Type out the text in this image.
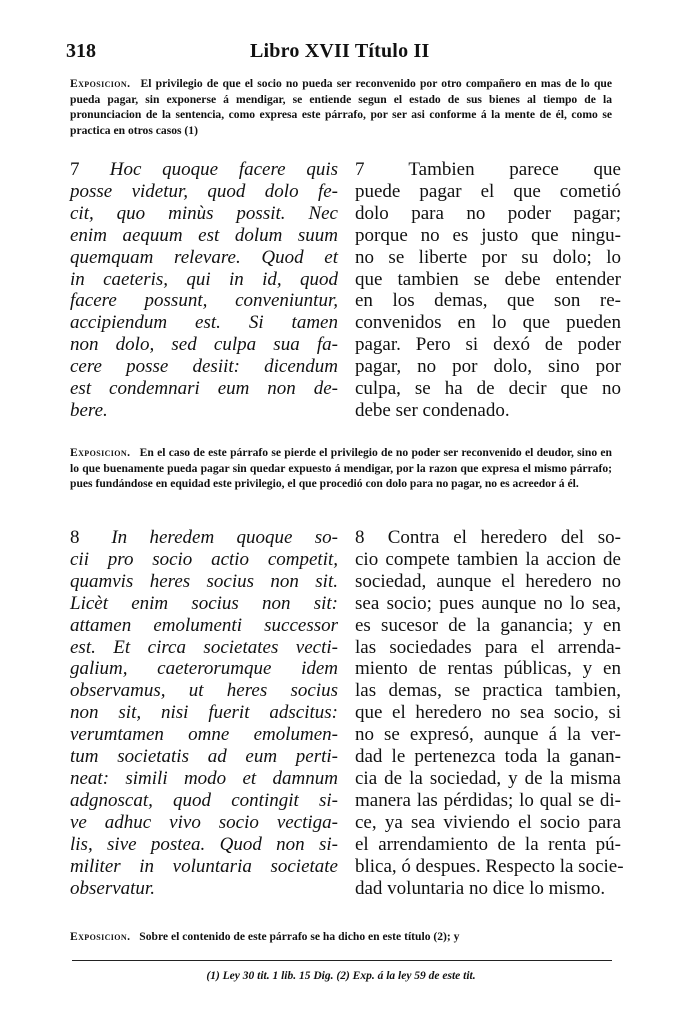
318	Libro XVII Título II

Exposicion. El privilegio de que el socio no pueda ser reconvenido por otro compañero en mas de lo que pueda pagar, sin exponerse á mendigar, se entiende segun el estado de sus bienes al tiempo de la pronunciacion de la sentencia, como expresa este párrafo, por ser asi conforme á la mente de él, como se practica en otros casos (1)

7  Hoc quoque facere quis
posse videtur, quod dolo fe-
cit, quo minùs possit. Nec
enim aequum est dolum suum
quemquam relevare. Quod et
in caeteris, qui in id, quod
facere possunt, conveniuntur,
accipiendum est. Si tamen
non dolo, sed culpa sua fa-
cere posse desiit: dicendum
est condemnari eum non de-
bere.
7  Tambien parece que
puede pagar el que cometió
dolo para no poder pagar;
porque no es justo que ningu-
no se liberte por su dolo; lo
que tambien se debe entender
en los demas, que son re-
convenidos en lo que pueden
pagar. Pero si dexó de poder
pagar, no por dolo, sino por
culpa, se ha de decir que no
debe ser condenado.

Exposicion. En el caso de este párrafo se pierde el privilegio de no poder ser reconvenido el deudor, sino en lo que buenamente pueda pagar sin quedar expuesto á mendigar, por la razon que expresa el mismo párrafo; pues fundándose en equidad este privilegio, el que procedió con dolo para no pagar, no es acreedor á él.

8  In heredem quoque so-
cii pro socio actio competit,
quamvis heres socius non sit.
Licèt enim socius non sit:
attamen emolumenti successor
est. Et circa societates vecti-
galium, caeterorumque idem
observamus, ut heres socius
non sit, nisi fuerit adscitus:
verumtamen omne emolumen-
tum societatis ad eum perti-
neat: simili modo et damnum
adgnoscat, quod contingit si-
ve adhuc vivo socio vectiga-
lis, sive postea. Quod non si-
militer in voluntaria societate
observatur.
8  Contra el heredero del so-
cio compete tambien la accion de
sociedad, aunque el heredero no
sea socio; pues aunque no lo sea,
es sucesor de la ganancia; y en
las sociedades para el arrenda-
miento de rentas públicas, y en
las demas, se practica tambien,
que el heredero no sea socio, si
no se expresó, aunque á la ver-
dad le pertenezca toda la ganan-
cia de la sociedad, y de la misma
manera las pérdidas; lo qual se di-
ce, ya sea viviendo el socio para
el arrendamiento de la renta pú-
blica, ó despues. Respecto la socie-
dad voluntaria no dice lo mismo.

Exposicion. Sobre el contenido de este párrafo se ha dicho en este título (2); y

(1) Ley 30 tit. 1 lib. 15 Dig. (2) Exp. á la ley 59 de este tit.
